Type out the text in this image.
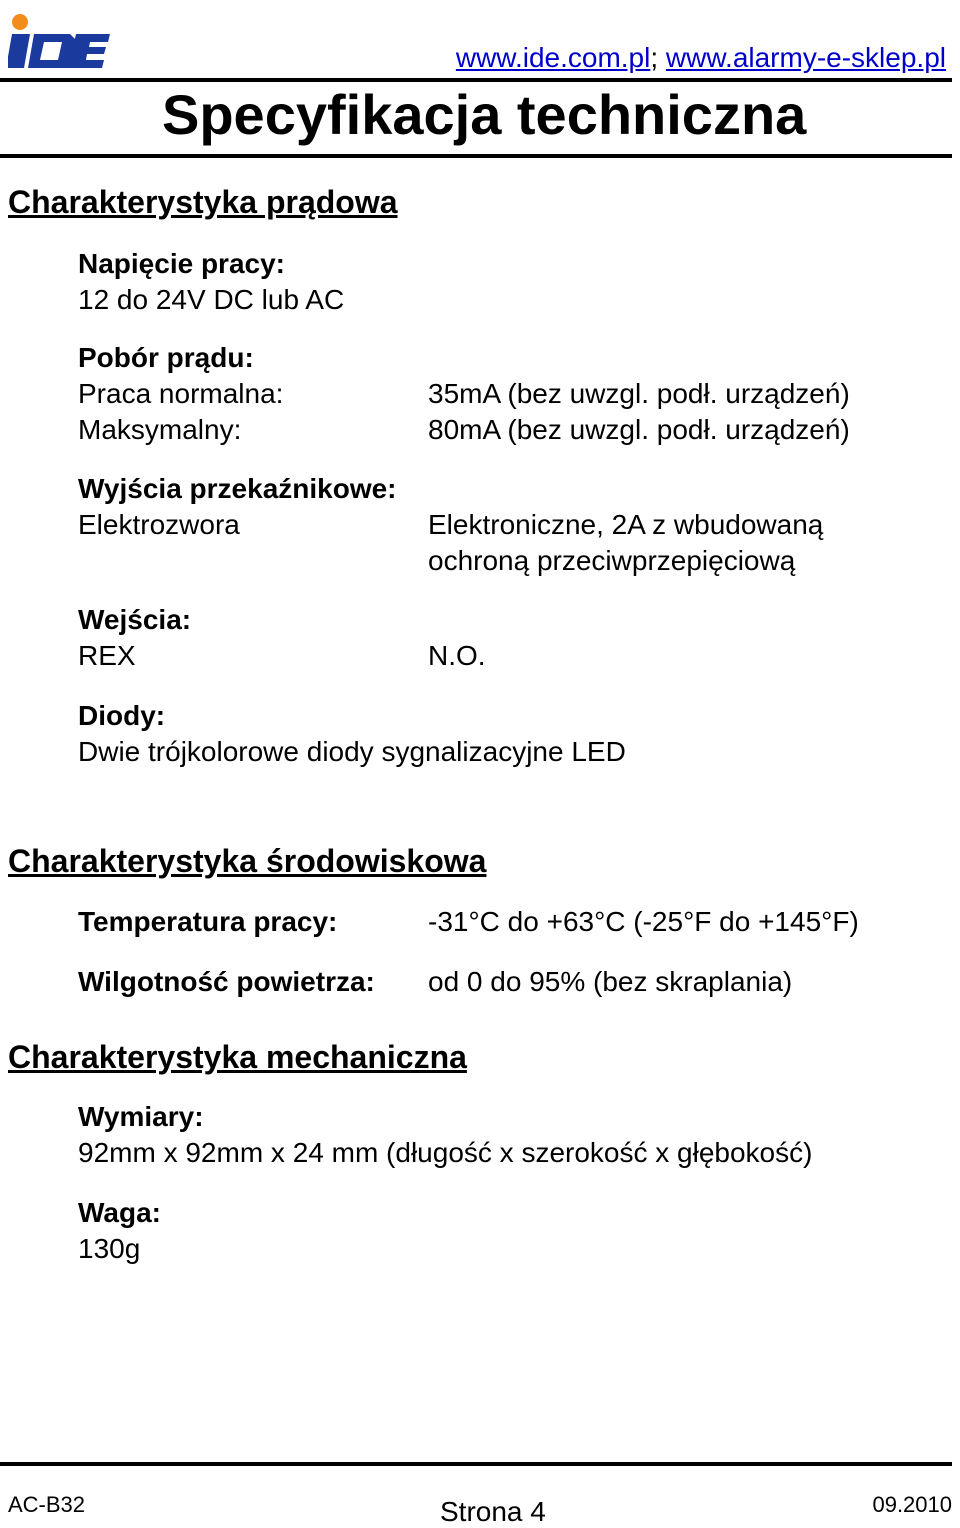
www.ide.com.pl; www.alarmy-e-sklep.pl
Specyfikacja techniczna
Charakterystyka prądowa
Napięcie pracy:
12 do 24V DC lub AC
Pobór prądu:
Praca normalna:	35mA (bez uwzgl. podł. urządzeń)
Maksymalny:	80mA (bez uwzgl. podł. urządzeń)
Wyjścia przekaźnikowe:
Elektrozwora	Elektroniczne, 2A z wbudowaną
ochroną przeciwprzepięciową
Wejścia:
REX	N.O.
Diody:
Dwie trójkolorowe diody sygnalizacyjne LED
Charakterystyka środowiskowa
Temperatura pracy:	-31°C do +63°C (-25°F do +145°F)
Wilgotność powietrza: od 0 do 95% (bez skraplania)
Charakterystyka mechaniczna
Wymiary:
92mm x 92mm x 24 mm (długość x szerokość x głębokość)
Waga:
130g
AC-B32	Strona 4	09.2010
